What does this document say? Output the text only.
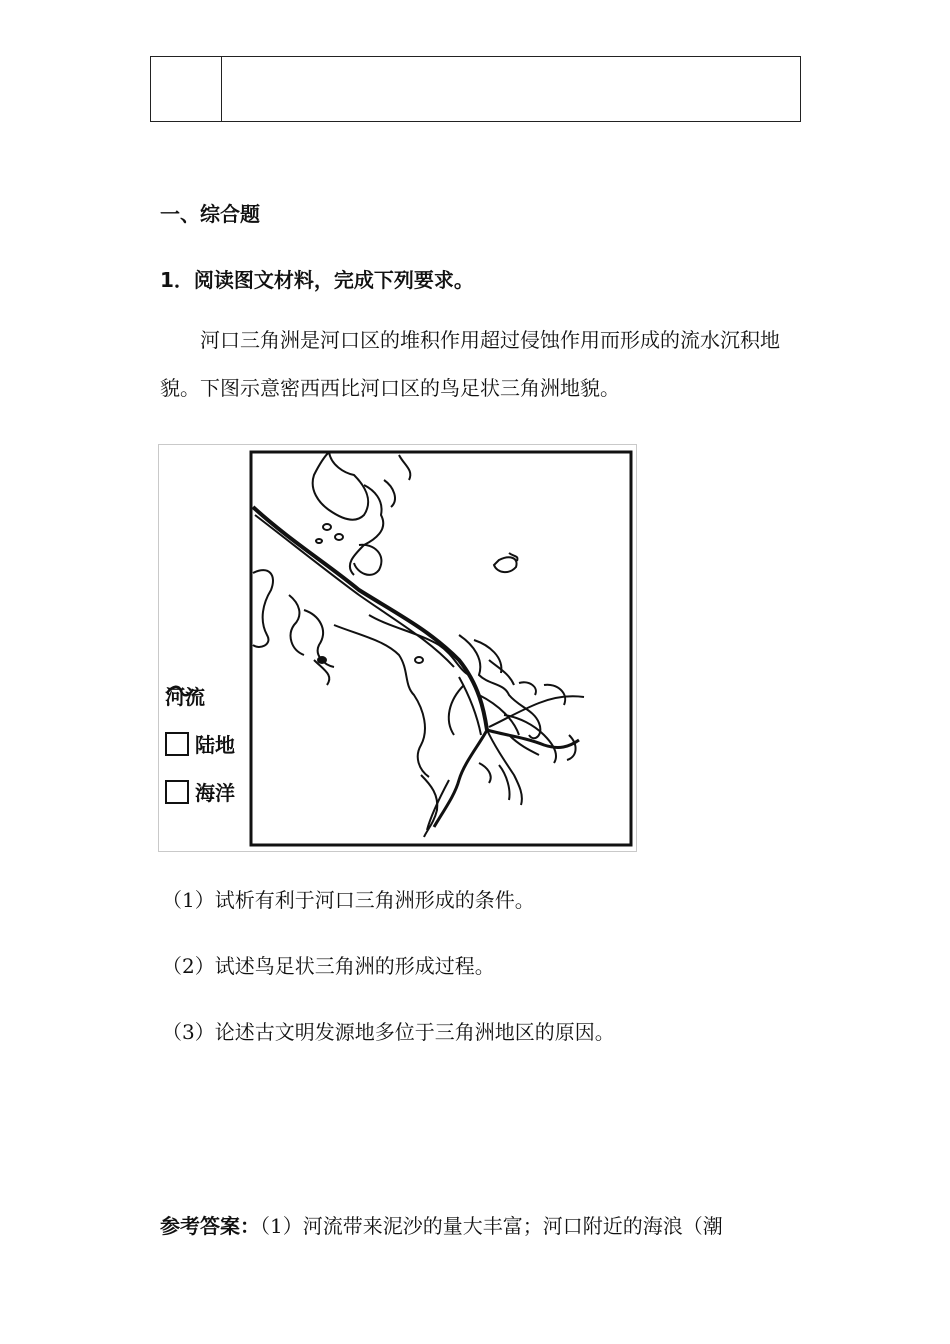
一、综合题
1．阅读图文材料，完成下列要求。
河口三角洲是河口区的堆积作用超过侵蚀作用而形成的流水沉积地貌。下图示意密西西比河口区的鸟足状三角洲地貌。
河流
陆地
海洋
（1）试析有利于河口三角洲形成的条件。
（2）试述鸟足状三角洲的形成过程。
（3）论述古文明发源地多位于三角洲地区的原因。
参考答案：（1）河流带来泥沙的量大丰富；河口附近的海浪（潮
